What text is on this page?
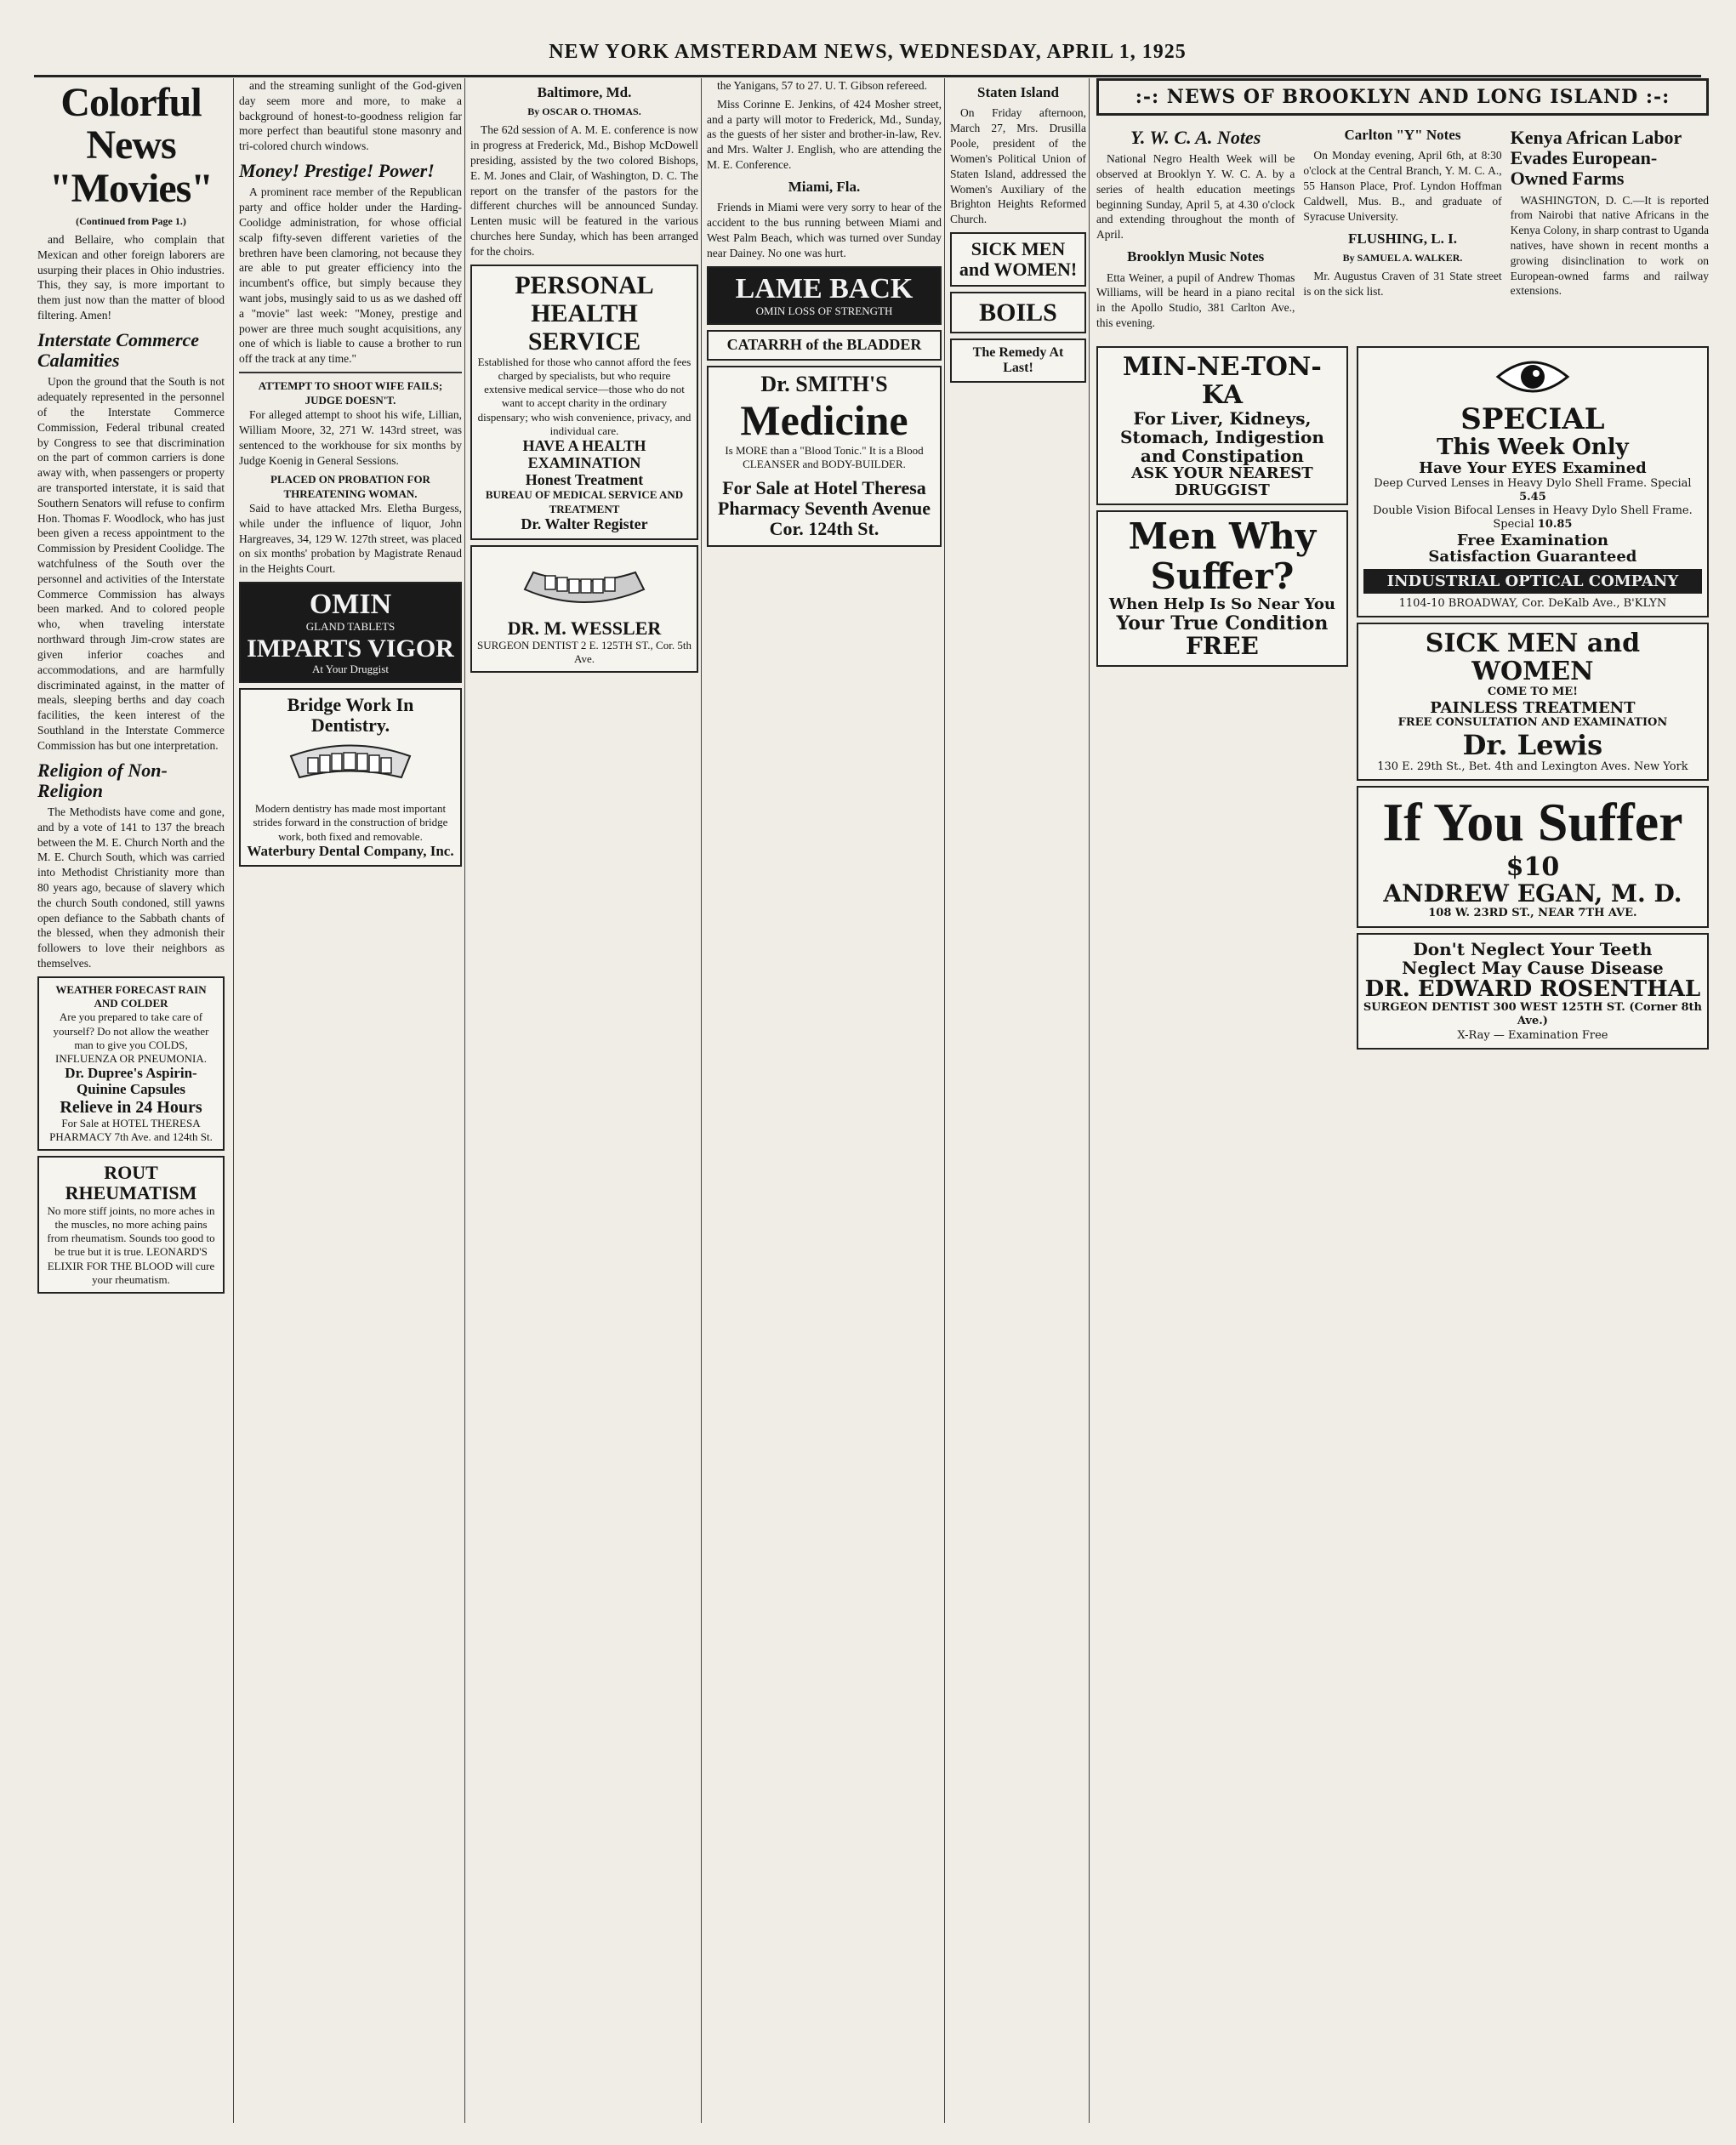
NEW YORK AMSTERDAM NEWS, WEDNESDAY, APRIL 1, 1925
Colorful News "Movies"
(Continued from Page 1.)

and Bellaire, who complain that Mexican and other foreign laborers are usurping their places in Ohio industries. This, they say, is more important to them just now than the matter of blood filtering. Amen!

Interstate Commerce Calamities

Upon the ground that the South is not adequately represented in the personnel of the Interstate Commerce Commission, Federal tribunal created by Congress to see that discrimination on the part of common carriers is done away with, when passengers or property are transported interstate, it is said that Southern Senators will refuse to confirm Hon. Thomas F. Woodlock, who has just been given a recess appointment to the Commission by President Coolidge. The watchfulness of the South over the personnel and activities of the Interstate Commerce Commission has always been marked. And to colored people who, when traveling interstate northward through Jim-crow states are given inferior coaches and accommodations, and are harmfully discriminated against, in the matter of meals, sleeping berths and day coach facilities, the keen interest of the Southland in the Interstate Commerce Commission has but one interpretation.

Religion of Non-Religion

The Methodists have come and gone, and by a vote of 141 to 137 the breach between the M. E. Church North and the M. E. Church South, which was carried into Methodist Christianity more than 80 years ago, because of slavery which the church South condoned, still yawns open defiance to the Sabbath chants of the blessed, when they admonish their followers to love their neighbors as themselves.

WEATHER FORECAST RAIN AND COLDER
Are you prepared to take care of yourself? Do not allow the weather man to give you COLDS, INFLUENZA OR PNEUMONIA.
Dr. Dupree's Aspirin-Quinine Capsules
Relieve in 24 Hours
For Sale at HOTEL THERESA PHARMACY 7th Ave. and 124th St.
ROUT RHEUMATISM
No more stiff joints, no more aches in the muscles, no more aching pains from rheumatism. Sounds too good to be true but it is true. LEONARD'S ELIXIR FOR THE BLOOD will cure your rheumatism.

and the streaming sunlight of the God-given day seem more and more, to make a background of honest-to-goodness religion far more perfect than beautiful stone masonry and tri-colored church windows.

Money! Prestige! Power!

A prominent race member of the Republican party and office holder under the Harding-Coolidge administration, for whose official scalp fifty-seven different varieties of the brethren have been clamoring, not because they are able to put greater efficiency into the incumbent's office, but simply because they want jobs, musingly said to us as we dashed off a "movie" last week: "Money, prestige and power are three much sought acquisitions, any one of which is liable to cause a brother to run off the track at any time."

ATTEMPT TO SHOOT WIFE FAILS; JUDGE DOESN'T.

For alleged attempt to shoot his wife, Lillian, William Moore, 32, 271 W. 143rd street, was sentenced to the workhouse for six months by Judge Koenig in General Sessions.

PLACED ON PROBATION FOR THREATENING WOMAN.

Said to have attacked Mrs. Eletha Burgess, while under the influence of liquor, John Hargreaves, 34, 129 W. 127th street, was placed on six months' probation by Magistrate Renaud in the Heights Court.

OMIN
GLAND TABLETS
IMPARTS VIGOR
At Your Druggist
Bridge Work In Dentistry.
Modern dentistry has made most important strides forward in the construction of bridge work, both fixed and removable.
Waterbury Dental Company, Inc.
Baltimore, Md.
By OSCAR O. THOMAS.

The 62d session of A. M. E. conference is now in progress at Frederick, Md., Bishop McDowell presiding, assisted by the two colored Bishops, E. M. Jones and Clair, of Washington, D. C. The report on the transfer of the pastors for the different churches will be announced Sunday. Lenten music will be featured in the various churches here Sunday, which has been arranged for the choirs.

PERSONAL HEALTH SERVICE
Established for those who cannot afford the fees charged by specialists, but who require extensive medical service—those who do not want to accept charity in the ordinary dispensary; who wish convenience, privacy, and individual care.
HAVE A HEALTH EXAMINATION
Honest Treatment
BUREAU OF MEDICAL SERVICE AND TREATMENT
Dr. Walter Register
DR. M. WESSLER
SURGEON DENTIST 2 E. 125TH ST., Cor. 5th Ave.

the Yanigans, 57 to 27. U. T. Gibson refereed.

Miss Corinne E. Jenkins, of 424 Mosher street, and a party will motor to Frederick, Md., Sunday, as the guests of her sister and brother-in-law, Rev. and Mrs. Walter J. English, who are attending the M. E. Conference.

Miami, Fla.

Friends in Miami were very sorry to hear of the accident to the bus running between Miami and West Palm Beach, which was turned over Sunday near Dainey. No one was hurt.

LAME BACK
OMIN LOSS OF STRENGTH
CATARRH of the BLADDER
Dr. SMITH'S
Medicine
Is MORE than a "Blood Tonic." It is a Blood CLEANSER and BODY-BUILDER.
For Sale at Hotel Theresa Pharmacy Seventh Avenue Cor. 124th St.
Staten Island

On Friday afternoon, March 27, Mrs. Drusilla Poole, president of the Women's Political Union of Staten Island, addressed the Women's Auxiliary of the Brighton Heights Reformed Church.

SICK MEN and WOMEN!
BOILS
The Remedy At Last!
:-: NEWS OF BROOKLYN AND LONG ISLAND :-:
Y. W. C. A. Notes

National Negro Health Week will be observed at Brooklyn Y. W. C. A. by a series of health education meetings beginning Sunday, April 5, at 4.30 o'clock and extending throughout the month of April.

Brooklyn Music Notes

Etta Weiner, a pupil of Andrew Thomas Williams, will be heard in a piano recital in the Apollo Studio, 381 Carlton Ave., this evening.

Carlton "Y" Notes

On Monday evening, April 6th, at 8:30 o'clock at the Central Branch, Y. M. C. A., 55 Hanson Place, Prof. Lyndon Hoffman Caldwell, Mus. B., and graduate of Syracuse University.

FLUSHING, L. I.
By SAMUEL A. WALKER.

Mr. Augustus Craven of 31 State street is on the sick list.

Kenya African Labor Evades European-Owned Farms

WASHINGTON, D. C.—It is reported from Nairobi that native Africans in the Kenya Colony, in sharp contrast to Uganda natives, have shown in recent months a growing disinclination to work on European-owned farms and railway extensions.

MIN-NE-TON-KA
For Liver, Kidneys, Stomach, Indigestion and Constipation
ASK YOUR NEAREST DRUGGIST
Men Why Suffer?
When Help Is So Near You
Your True Condition
FREE
SPECIAL
This Week Only
Have Your EYES Examined
Deep Curved Lenses in Heavy Dylo Shell Frame. Special 5.45
Double Vision Bifocal Lenses in Heavy Dylo Shell Frame. Special 10.85
Free Examination
Satisfaction Guaranteed
INDUSTRIAL OPTICAL COMPANY
1104-10 BROADWAY, Cor. DeKalb Ave., B'KLYN
SICK MEN and WOMEN
COME TO ME!
PAINLESS TREATMENT
FREE CONSULTATION AND EXAMINATION
Dr. Lewis
130 E. 29th St., Bet. 4th and Lexington Aves. New York
If You Suffer
$10
ANDREW EGAN, M. D.
108 W. 23RD ST., NEAR 7TH AVE.
Don't Neglect Your Teeth
Neglect May Cause Disease
DR. EDWARD ROSENTHAL
SURGEON DENTIST 300 WEST 125TH ST. (Corner 8th Ave.)
X-Ray — Examination Free
